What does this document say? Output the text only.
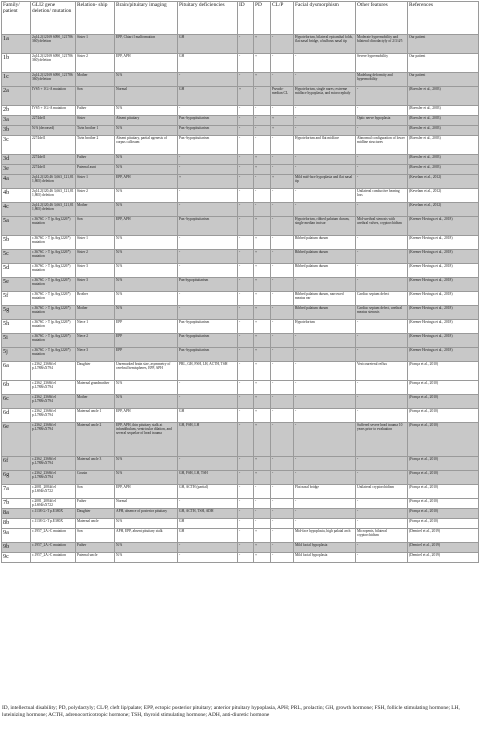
Family/ patient	GLI2 gene deletion/ mutation	Relation- ship	Brain/pituitary imaging	Pituitary deficiencies	ID	PD	CL/P	Facial dysmorphism	Other features	References
1a	2q14.2(12169 6090_121786 360) deletion	Sister 1	EPP, Chiari I malformation	GH	-	+	-	Hypotelorism, bilateral epicanthal folds, flat nasal bridge, a bulbous nasal tip	Moderate hypermobility and bilateral clinodactyly of 2/3/4/5	Our patient
1b	2q14.2(12169 6090_121786 360) deletion	Sister 2	EPP, APH	GH	-	+	-	-	Severe hypermobility	Our patient
1c	2q14.2(12169 6090_121786 360) deletion	Mother	N/A	-	-	+	-	-	Madelung deformity and hypermobility	Our patient
2a	IVS5 + 1G>A mutation	Son	Normal	GH	+	-	Pseudo- median CL	Hypotelorism, single nares; extreme midface hypoplasia, and microcephaly	-	(Roessler et al., 2003)
2b	IVS5 + 1G>A mutation	Father	N/A	-	-	-	-	-	-	(Roessler et al., 2003)
3a	2274del1	Sister	Absent pituitary	Pan -hypopituitarism	-	-	+	-	Optic nerve hypoplasia	(Roessler et al., 2003)
3b	N/A (deceased)	Twin brother 1	N/A	Pan -hypopituitarism	-	-	+	-	-	(Roessler et al., 2003)
3c	2274del1	Twin brother 2	Absent pituitary, partial agenesis of corpus callosum	Pan -hypopituitarism	-	-	-	Hypotelorism and flat midface	Abnormal configuration of lower midline structures	(Roessler et al., 2003)
3d	2274del1	Father	N/A	-	-	+	-	-	-	(Roessler et al., 2003)
3e	2274del1	Paternal aunt	N/A	-	-	+	-	-	-	(Roessler et al., 2003)
4a	2q14.2(120,46 3,663_121,81 1,865) deletion	Sister 1	EPP, APH	+	-	-	+	Mild mid-face hypoplasia and flat nasal tip	-	(Kevelam et al., 2012)
4b	2q14.2(120,46 3,663_121,81 1,865) deletion	Sister 2	N/A	-	-	-	-	-	Unilateral conductive hearing loss	(Kevelam et al., 2012)
4c	2q14.2(120,46 3,663_121,81 1,865) deletion	Mother	N/A	-	-	-	-	-	-	(Kevelam et al., 2012)
5a	c.3676C > T (p.Arg1226*) mutation	Son	EPP, APH	Pan -hypopituitarism	-	+	-	Hypotelorism, ribbed palatum durum, single median incisor	Mid-urethral stenosis with urethral valves, cryptorchidism	(Kremer Hovinga et al., 2018)
5b	c.3676C > T (p.Arg1226*) mutation	Sister 1	N/A	-	-	+	-	Ribbed palatum durum	-	(Kremer Hovinga et al., 2018)
5c	c.3676C > T (p.Arg1226*) mutation	Sister 2	N/A	-	-	+	-	Ribbed palatum durum	-	(Kremer Hovinga et al., 2018)
5d	c.3676C > T (p.Arg1226*) mutation	Sister 3	N/A	-	-	+	-	Ribbed palatum durum	-	(Kremer Hovinga et al., 2018)
5e	c.3676C > T (p.Arg1226*) mutation	Sister 3	N/A	Pan-hypopituitarism	-	+	-	-	-	(Kremer Hovinga et al., 2018)
5f	c.3676C > T (p.Arg1226*) mutation	Brother	N/A	-	-	+	-	Ribbed palatum durum, narrowed meatus ear	Cardiac septum defect	(Kremer Hovinga et al., 2018)
5g	c.3676C > T (p.Arg1226*) mutation	Mother	N/A	-	-	+	-	Ribbed palatum durum	Cardiac septum defect, urethral meatus stenosis	(Kremer Hovinga et al., 2018)
5h	c.3676C > T (p.Arg1226*) mutation	Niece 1	EPP	Pan -hypopituitarism	-	+	-	Hypotelorism	-	(Kremer Hovinga et al., 2018)
5i	c.3676C > T (p.Arg1226*) mutation	Niece 2	EPP	Pan -hypopituitarism	-	+	-	-	-	(Kremer Hovinga et al., 2018)
5j	c.3676C > T (p.Arg1226*) mutation	Niece 3	EPP	Pan -hypopituitarism	-	+	-	-	-	(Kremer Hovinga et al., 2018)
6a	c.2362_2368d el p.L788fsX794	Daughter	Unremarked brain size, asymmetry of cerebral hemispheres, EPP, APH	PRL, GH, FSH, LH, ACTH, TSH	-	+	-	-	Vesicoureteral reflux	(França et al., 2010)
6b	c.2362_2368d el p.L788fsX794	Maternal grandmother	N/A	-	-	+	-	-	-	(França et al., 2010)
6c	c.2362_2368d el p.L788fsX794	Mother	N/A	-	-	+	-	-	-	(França et al., 2010)
6d	c.2362_2368d el p.L788fsX794	Maternal uncle 1	EPP, APH	GH	-	+	-	-	-	(França et al., 2010)
6e	c.2362_2368d el p.L788fsX794	Maternal uncle 2	EPP, APH, thin pituitary stalk at infundibulum, ventricular dilation, and several sequelae of head trauma	GH, FSH, LH	-	+	-	-	Suffered severe head trauma 10 years prior to evaluation	(França et al., 2010)
6f	c.2362_2368d el p.L788fsX794	Maternal uncle 3	N/A	-	-	+	-	-	-	(França et al., 2010)
6g	c.2362_2368d el p.L788fsX794	Cousin	N/A	GH, FSH, LH, TSH	-	+	-	-	-	(França et al., 2010)
7a	c.2081_2084d el p.L694fsX722	Son	EPP, APH	GH, ACTH (partial)	-	-	-	Flat nasal bridge	Unilateral cryptorchidism	(França et al., 2010)
7b	c.2081_2084d el p.L694fsX722	Father	Normal	-	-	-	-	-	-	(França et al., 2010)
8a	c.1138 G>T p.E380X	Daughter	APH, absence of posterior pituitary	GH, ACTH, TSH, ADH	-	-	-	-	-	(França et al., 2010)
8b	c.1138 G>T p.E380X	Maternal uncle	N/A	GH	-	-	-	-	-	(França et al., 2010)
9a	c.1957_2A>C mutation	Son	APH, EPP, absent pituitary stalk	GH	-	+	-	Mid-face hypoplasia, high palatal arch	Micropenis, bilateral cryptorchidism	(Demirel et al., 2019)
9b	c.1957_2A>C mutation	Father	N/A	-	-	+	-	Mild facial hypoplasia	-	(Demirel et al., 2019)
9c	c.1957_2A>C mutation	Paternal uncle	N/A	-	-	+	-	Mild facial hypoplasia	-	(Demirel et al., 2019)
ID, intellectual disability; PD, polydactyly; CL/P, cleft lip/palate; EPP, ectopic posterior pituitary; anterior pituitary hypoplasia, APH; PRL, prolactin; GH, growth hormone; FSH, follicle stimulating hormone; LH, luteinizing hormone; ACTH, adrenocorticotropic hormone; TSH, thyroid stimulating hormone; ADH, anti-diuretic hormone
